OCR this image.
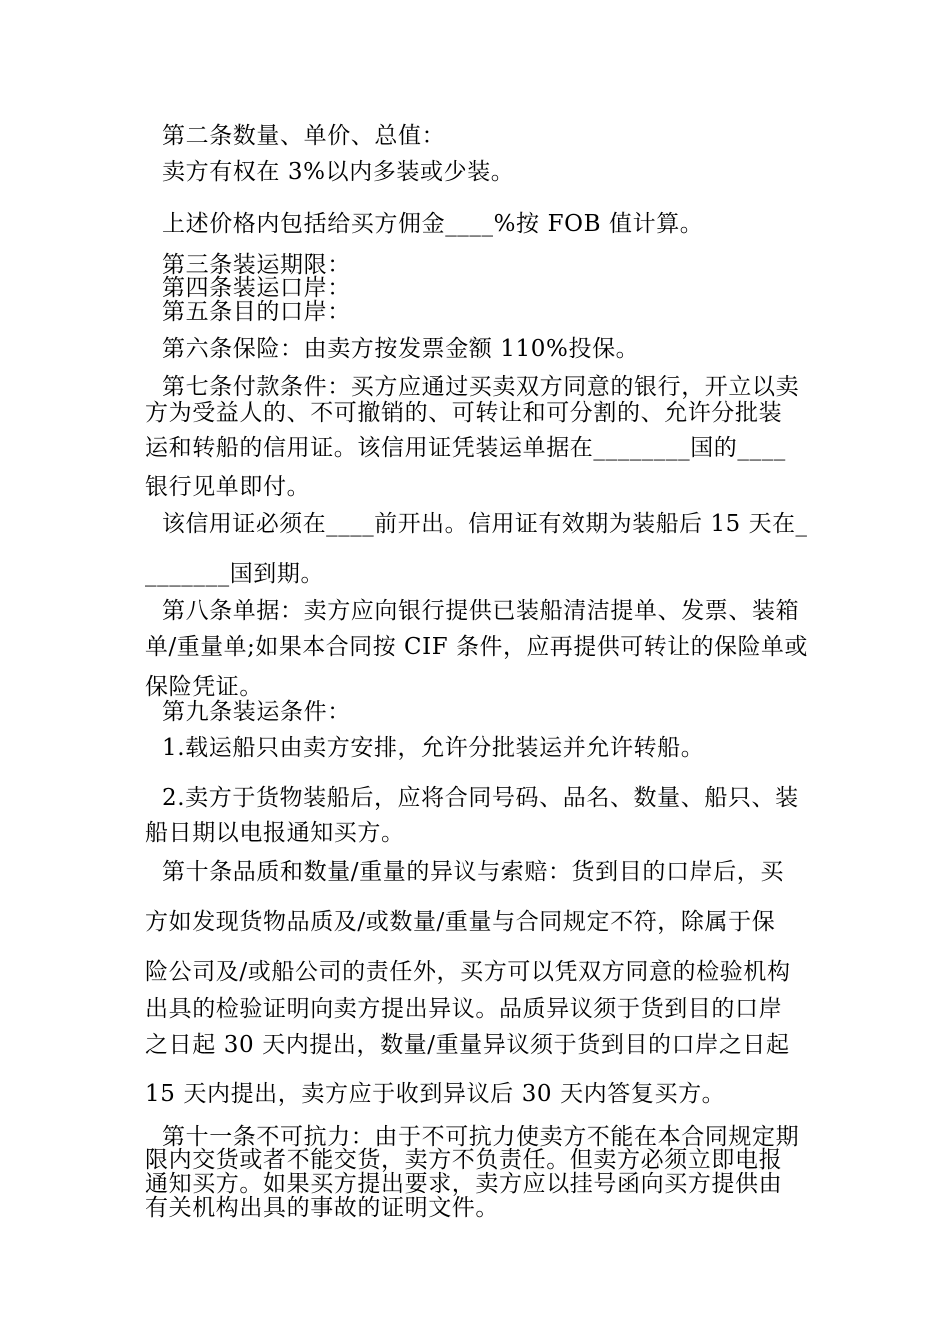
第二条数量、单价、总值：
卖方有权在 3%以内多装或少装。
上述价格内包括给买方佣金____%按 FOB 值计算。
第三条装运期限：
第四条装运口岸：
第五条目的口岸：
第六条保险：由卖方按发票金额 110%投保。
第七条付款条件：买方应通过买卖双方同意的银行，开立以卖
方为受益人的、不可撤销的、可转让和可分割的、允许分批装
运和转船的信用证。该信用证凭装运单据在________国的____
银行见单即付。
该信用证必须在____前开出。信用证有效期为装船后 15 天在_
_______国到期。
第八条单据：卖方应向银行提供已装船清洁提单、发票、装箱
单/重量单;如果本合同按 CIF 条件，应再提供可转让的保险单或
保险凭证。
第九条装运条件：
1.载运船只由卖方安排，允许分批装运并允许转船。
2.卖方于货物装船后，应将合同号码、品名、数量、船只、装
船日期以电报通知买方。
第十条品质和数量/重量的异议与索赔：货到目的口岸后，买
方如发现货物品质及/或数量/重量与合同规定不符，除属于保
险公司及/或船公司的责任外，买方可以凭双方同意的检验机构
出具的检验证明向卖方提出异议。品质异议须于货到目的口岸
之日起 30 天内提出，数量/重量异议须于货到目的口岸之日起
15 天内提出，卖方应于收到异议后 30 天内答复买方。
第十一条不可抗力：由于不可抗力使卖方不能在本合同规定期
限内交货或者不能交货，卖方不负责任。但卖方必须立即电报
通知买方。如果买方提出要求，卖方应以挂号函向买方提供由
有关机构出具的事故的证明文件。
